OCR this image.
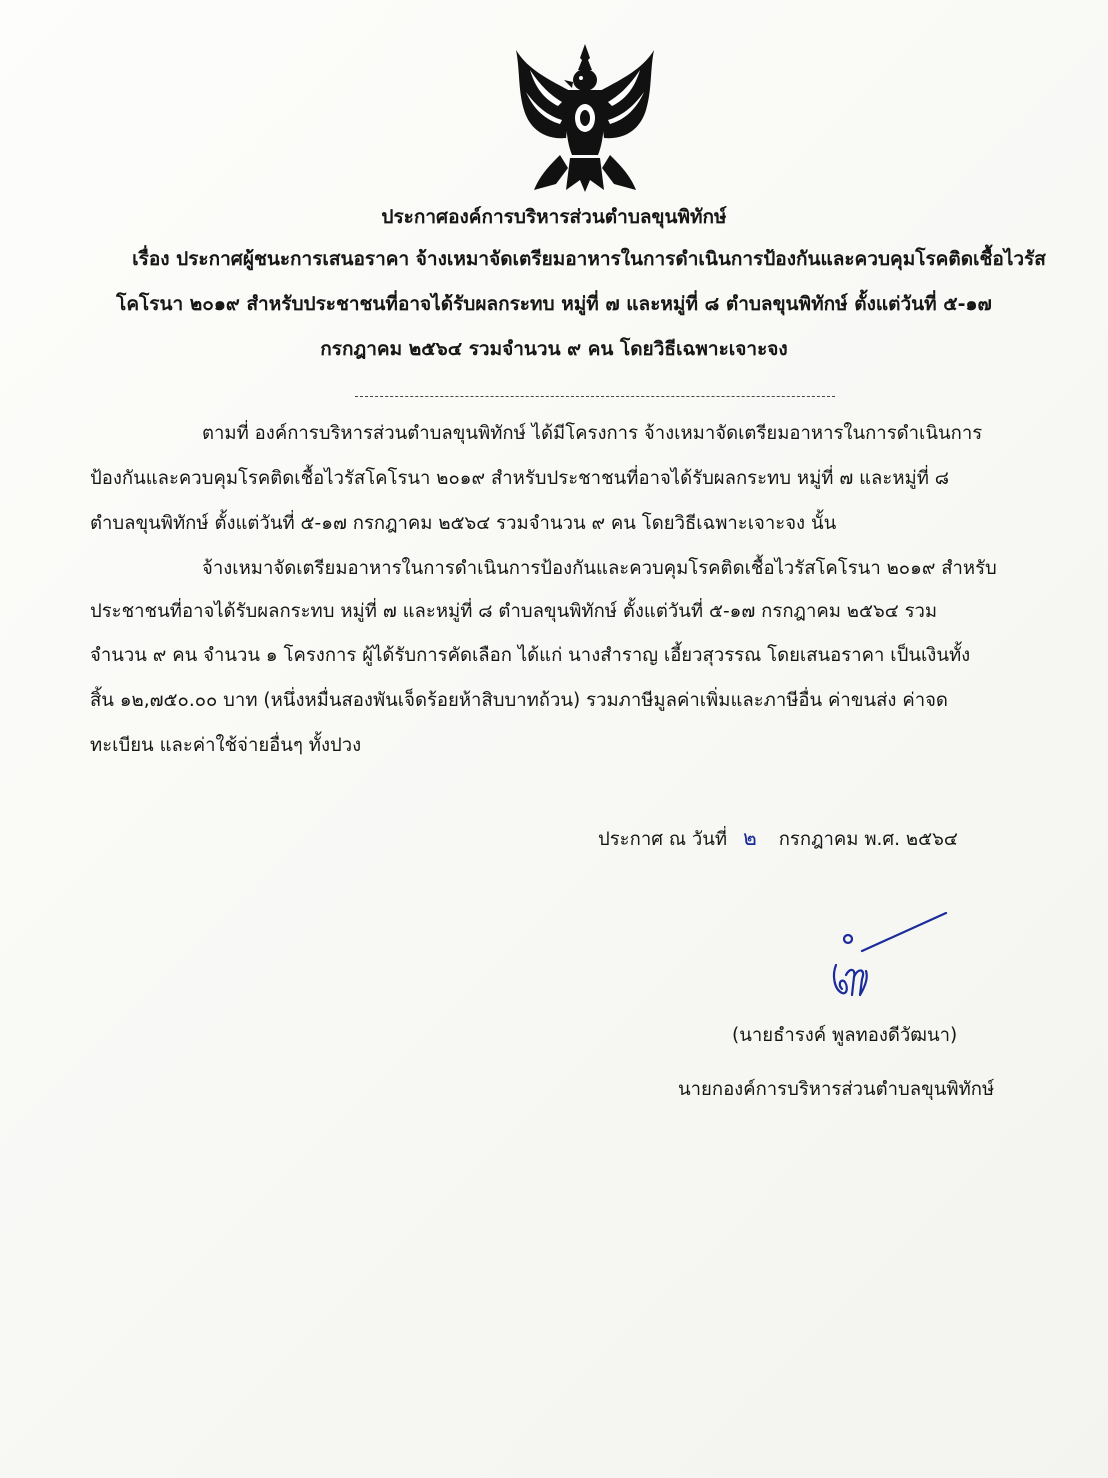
ประกาศองค์การบริหารส่วนตำบลขุนพิทักษ์
เรื่อง ประกาศผู้ชนะการเสนอราคา จ้างเหมาจัดเตรียมอาหารในการดำเนินการป้องกันและควบคุมโรคติดเชื้อไวรัส
โคโรนา ๒๐๑๙ สำหรับประชาชนที่อาจได้รับผลกระทบ หมู่ที่ ๗ และหมู่ที่ ๘ ตำบลขุนพิทักษ์ ตั้งแต่วันที่ ๕-๑๗
กรกฎาคม ๒๕๖๔ รวมจำนวน ๙ คน โดยวิธีเฉพาะเจาะจง
ตามที่ องค์การบริหารส่วนตำบลขุนพิทักษ์ ได้มีโครงการ จ้างเหมาจัดเตรียมอาหารในการดำเนินการ
ป้องกันและควบคุมโรคติดเชื้อไวรัสโคโรนา ๒๐๑๙ สำหรับประชาชนที่อาจได้รับผลกระทบ หมู่ที่ ๗ และหมู่ที่ ๘
ตำบลขุนพิทักษ์ ตั้งแต่วันที่ ๕-๑๗ กรกฎาคม ๒๕๖๔ รวมจำนวน ๙ คน โดยวิธีเฉพาะเจาะจง นั้น
จ้างเหมาจัดเตรียมอาหารในการดำเนินการป้องกันและควบคุมโรคติดเชื้อไวรัสโคโรนา ๒๐๑๙ สำหรับ
ประชาชนที่อาจได้รับผลกระทบ หมู่ที่ ๗ และหมู่ที่ ๘ ตำบลขุนพิทักษ์ ตั้งแต่วันที่ ๕-๑๗ กรกฎาคม ๒๕๖๔ รวม
จำนวน ๙ คน จำนวน ๑ โครงการ ผู้ได้รับการคัดเลือก ได้แก่ นางสำราญ เอี้ยวสุวรรณ โดยเสนอราคา เป็นเงินทั้ง
สิ้น ๑๒,๗๕๐.๐๐ บาท (หนึ่งหมื่นสองพันเจ็ดร้อยห้าสิบบาทถ้วน) รวมภาษีมูลค่าเพิ่มและภาษีอื่น ค่าขนส่ง ค่าจด
ทะเบียน และค่าใช้จ่ายอื่นๆ ทั้งปวง
ประกาศ ณ วันที่ ๒ กรกฎาคม พ.ศ. ๒๕๖๔
(นายธำรงค์ พูลทองดีวัฒนา)
นายกองค์การบริหารส่วนตำบลขุนพิทักษ์
